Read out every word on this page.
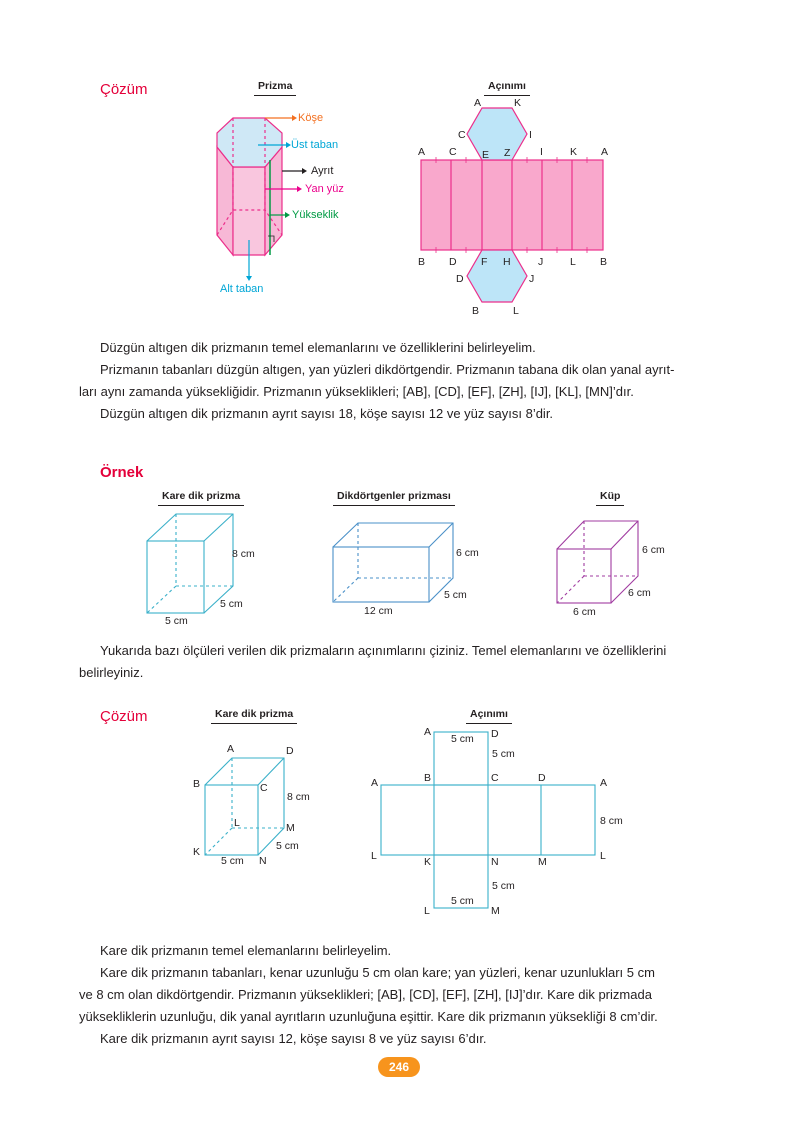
Çözüm	Prizma	Açınımı
Köşe
Üst taban
Ayrıt
Yan yüz
Yükseklik
Alt taban
A	K
C	I
A C E Z	I	K A
B D F H	J	L B
D	J
B	L

Düzgün altıgen dik prizmanın temel elemanlarını ve özelliklerini belirleyelim.

Prizmanın tabanları düzgün altıgen, yan yüzleri dikdörtgendir. Prizmanın tabana dik olan yanal ayrıt-

ları aynı zamanda yüksekliğidir. Prizmanın yükseklikleri; [AB], [CD], [EF], [ZH], [IJ], [KL], [MN]’dır.

Düzgün altıgen dik prizmanın ayrıt sayısı 18, köşe sayısı 12 ve yüz sayısı 8’dir.

Örnek
Kare dik prizma	Dikdörtgenler prizması	Küp
8 cm
5 cm
5 cm
6 cm
5 cm
12 cm
6 cm
6 cm
6 cm

Yukarıda bazı ölçüleri verilen dik prizmaların açınımlarını çiziniz. Temel elemanlarını ve özelliklerini

belirleyiniz.

Çözüm	Kare dik prizma	Açınımı
A	D
B	C
L	M
K
N
8 cm
5 cm
5 cm
A	D
5 cm
5 cm
A	B	C	D	A
8 cm
L	K	N	M	L
5 cm
5 cm
L	M

Kare dik prizmanın temel elemanlarını belirleyelim.

Kare dik prizmanın tabanları, kenar uzunluğu 5 cm olan kare; yan yüzleri, kenar uzunlukları 5 cm

ve 8 cm olan dikdörtgendir. Prizmanın yükseklikleri; [AB], [CD], [EF], [ZH], [IJ]’dır. Kare dik prizmada

yüksekliklerin uzunluğu, dik yanal ayrıtların uzunluğuna eşittir. Kare dik prizmanın yüksekliği 8 cm’dir.

Kare dik prizmanın ayrıt sayısı 12, köşe sayısı 8 ve yüz sayısı 6’dır.

246
